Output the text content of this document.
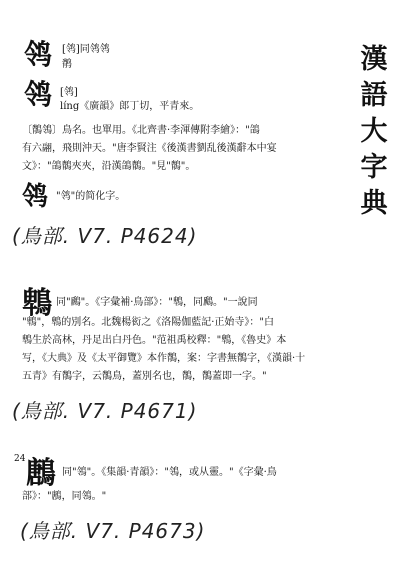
漢
語
大
字
典
鸰 [鸰]同鸰鸰
鹡
鸰 [鸰]
líng《廣韻》郎丁切，平青來。
〔鶺鴒〕鳥名。也單用。《北齊書·李渾傳附李繪》："鴿
有六翮，飛則沖天。"唐李賢注《後漢書劉乱後漢辭本中宴
文》："鴿鶺夾夾，沿漢鴿鶺。"見"鶺"。
鸰 "鸰"的简化字。
(鳥部. V7. P4624)
鵯 同"鷉"。《字彙補·鳥部》："鵯，同鷉。"一說同
"鵯"，鵯的別名。北魏楊衒之《洛陽伽藍記·正始寺》："白
鵯生於高林，丹足出白丹色。"范祖禹校釋："鵯，《魯史》本
写，《大典》及《太平御覽》本作鶺，案：字書無鶺字，《漢韻·十
五青》有鶺字，云鶺鳥，蓋別名也，鶺，鶺蓋即一字。"
(鳥部. V7. P4671)
24 鶶 同"鴒"。《集韻·青韻》："鴒，或从靈。"《字彙·鳥
部》："鶶，同鴒。"
(鳥部. V7. P4673)
